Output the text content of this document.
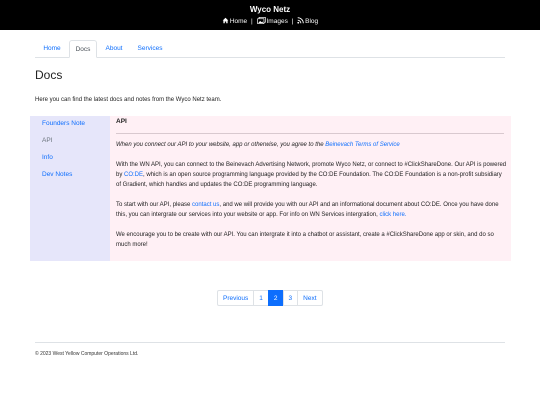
Wyco Netz
Home | Images | Blog
Home	Docs	About	Services
Docs
Here you can find the latest docs and notes from the Wyco Netz team.
Founders Note
API
Info
Dev Notes
API
When you connect our API to your website, app or otherwise, you agree to the Beinevach Terms of Service
With the WN API, you can connect to the Beinevach Advertising Network, promote Wyco Netz, or connect to #ClickShareDone. Our API is powered by CO:DE, which is an open source programming language provided by the CO:DE Foundation. The CO:DE Foundation is a non-profit subsidiary of Gradient, which handles and updates the CO:DE programming language.
To start with our API, please contact us, and we will provide you with our API and an informational document about CO:DE. Once you have done this, you can intergrate our services into your website or app. For info on WN Services intergration, click here.
We encourage you to be create with our API. You can intergrate it into a chatbot or assistant, create a #ClickShareDone app or skin, and do so much more!
Previous	1	2	3	Next
© 2023 West Yellow Computer Operations Ltd.
